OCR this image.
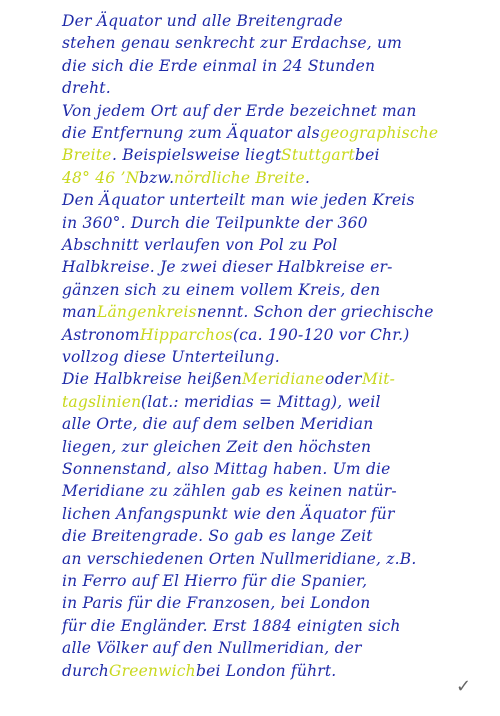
Der Äquator und alle Breitengrade
stehen genau senkrecht zur Erdachse, um
die sich die Erde einmal in 24 Stunden
dreht.
Von jedem Ort auf der Erde bezeichnet man
die Entfernung zum Äquator als geographische
Breite . Beispielsweise liegt Stuttgart bei
48° 46 ’N bzw. nördliche Breite .
Den Äquator unterteilt man wie jeden Kreis
in 360°. Durch die Teilpunkte der 360
Abschnitt verlaufen von Pol zu Pol
Halbkreise. Je zwei dieser Halbkreise er-
gänzen sich zu einem vollem Kreis, den
man Längenkreis nennt. Schon der griechische
Astronom Hipparchos (ca. 190-120 vor Chr.)
vollzog diese Unterteilung.
Die Halbkreise heißen Meridiane oder Mit-
tagslinien (lat.: meridias = Mittag), weil
alle Orte, die auf dem selben Meridian
liegen, zur gleichen Zeit den höchsten
Sonnenstand, also Mittag haben. Um die
Meridiane zu zählen gab es keinen natür-
lichen Anfangspunkt wie den Äquator für
die Breitengrade. So gab es lange Zeit
an verschiedenen Orten Nullmeridiane, z.B.
in Ferro auf El Hierro für die Spanier,
in Paris für die Franzosen, bei London
für die Engländer. Erst 1884 einigten sich
alle Völker auf den Nullmeridian, der
durch Greenwich bei London führt.
✓
